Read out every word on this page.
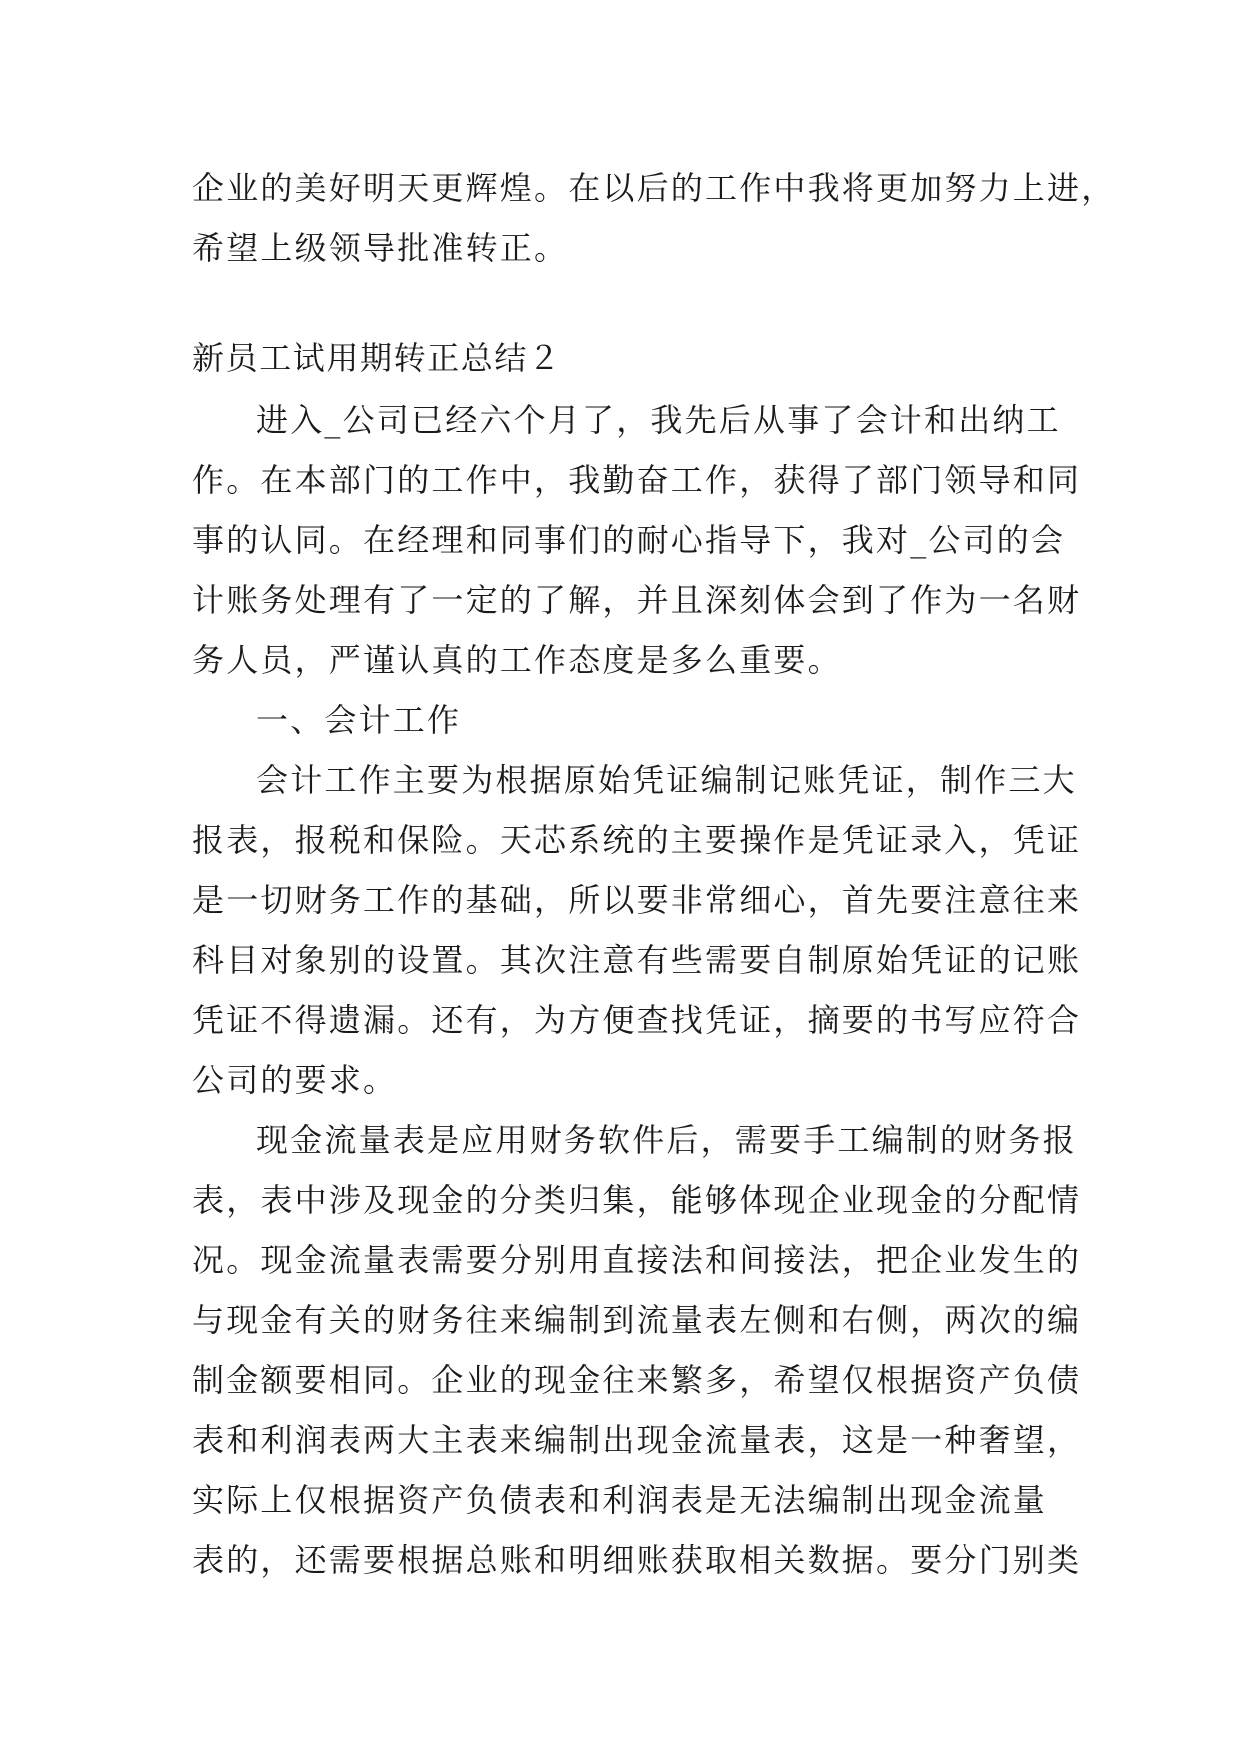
企业的美好明天更辉煌。在以后的工作中我将更加努力上进，

希望上级领导批准转正。

新员工试用期转正总结２

进入_公司已经六个月了，我先后从事了会计和出纳工

作。在本部门的工作中，我勤奋工作，获得了部门领导和同

事的认同。在经理和同事们的耐心指导下，我对_公司的会

计账务处理有了一定的了解，并且深刻体会到了作为一名财

务人员，严谨认真的工作态度是多么重要。

一、会计工作

会计工作主要为根据原始凭证编制记账凭证，制作三大

报表，报税和保险。天芯系统的主要操作是凭证录入，凭证

是一切财务工作的基础，所以要非常细心，首先要注意往来

科目对象别的设置。其次注意有些需要自制原始凭证的记账

凭证不得遗漏。还有，为方便查找凭证，摘要的书写应符合

公司的要求。

现金流量表是应用财务软件后，需要手工编制的财务报

表，表中涉及现金的分类归集，能够体现企业现金的分配情

况。现金流量表需要分别用直接法和间接法，把企业发生的

与现金有关的财务往来编制到流量表左侧和右侧，两次的编

制金额要相同。企业的现金往来繁多，希望仅根据资产负债

表和利润表两大主表来编制出现金流量表，这是一种奢望，

实际上仅根据资产负债表和利润表是无法编制出现金流量

表的，还需要根据总账和明细账获取相关数据。要分门别类
